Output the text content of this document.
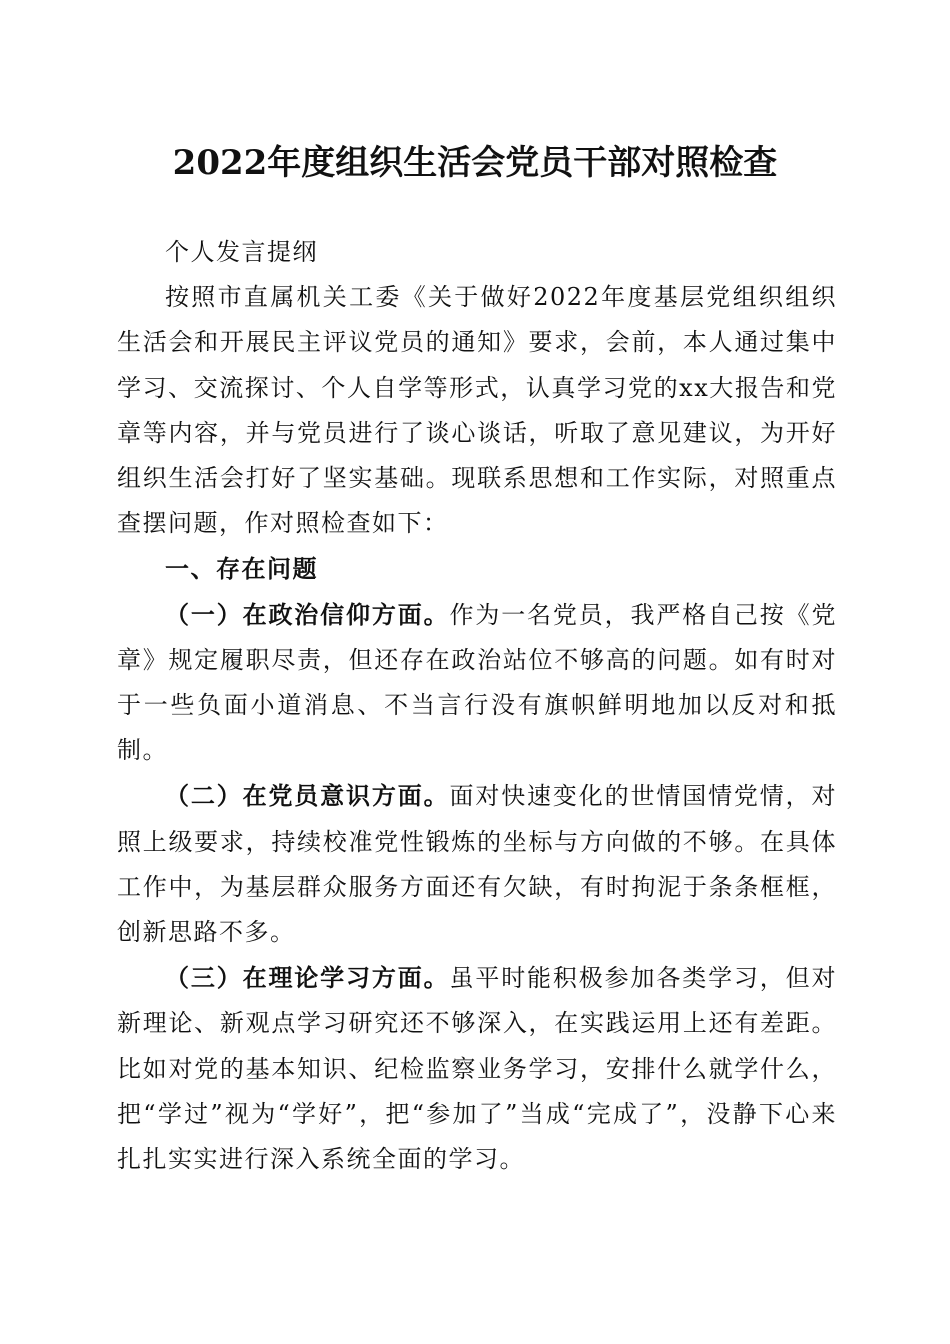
2022年度组织生活会党员干部对照检查

个人发言提纲

按照市直属机关工委《关于做好2022年度基层党组织组织生活会和开展民主评议党员的通知》要求，会前，本人通过集中学习、交流探讨、个人自学等形式，认真学习党的xx大报告和党章等内容，并与党员进行了谈心谈话，听取了意见建议，为开好组织生活会打好了坚实基础。现联系思想和工作实际，对照重点查摆问题，作对照检查如下：

一、存在问题

（一）在政治信仰方面。作为一名党员，我严格自己按《党章》规定履职尽责，但还存在政治站位不够高的问题。如有时对于一些负面小道消息、不当言行没有旗帜鲜明地加以反对和抵制。

（二）在党员意识方面。面对快速变化的世情国情党情，对照上级要求，持续校准党性锻炼的坐标与方向做的不够。在具体工作中，为基层群众服务方面还有欠缺，有时拘泥于条条框框，创新思路不多。

（三）在理论学习方面。虽平时能积极参加各类学习，但对新理论、新观点学习研究还不够深入，在实践运用上还有差距。比如对党的基本知识、纪检监察业务学习，安排什么就学什么，把“学过”视为“学好”，把“参加了”当成“完成了”，没静下心来扎扎实实进行深入系统全面的学习。
